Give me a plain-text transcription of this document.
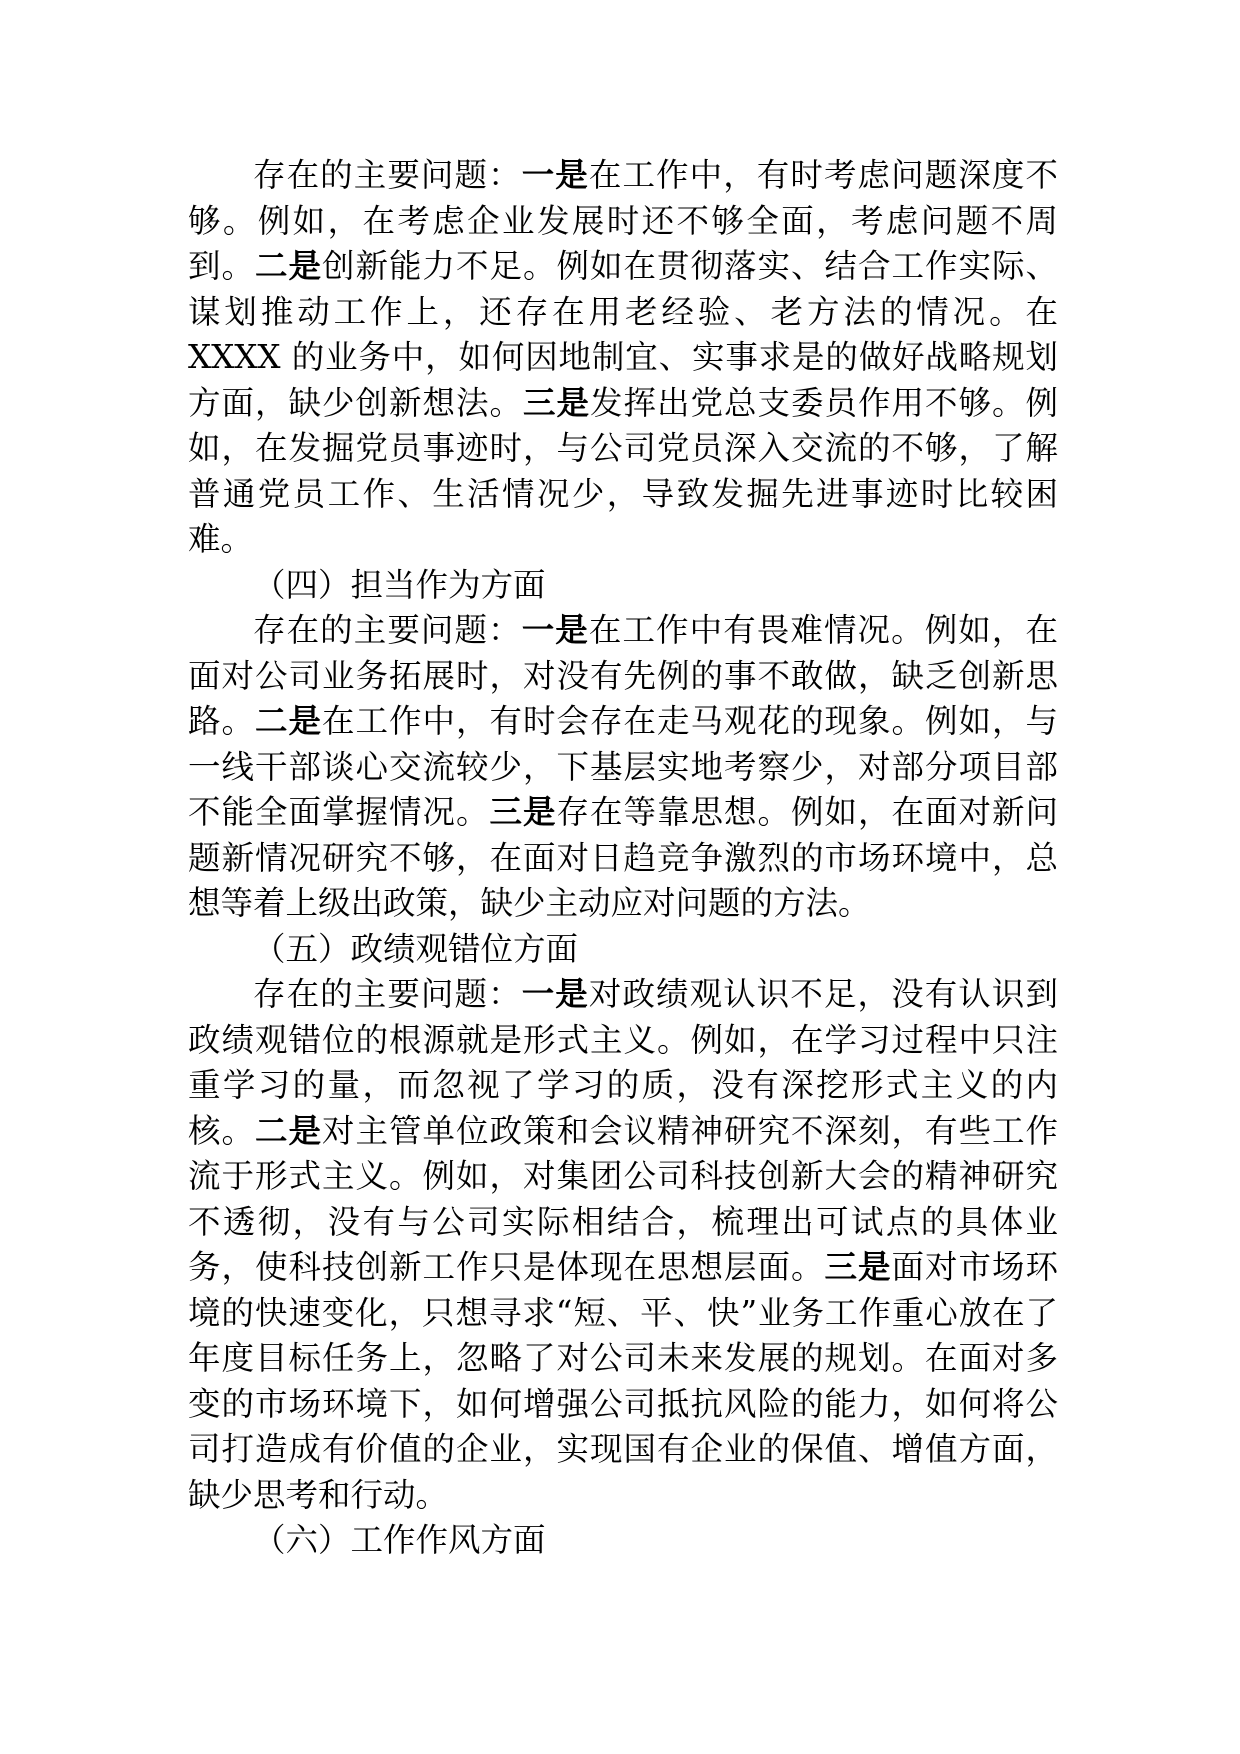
存在的主要问题：一是在工作中，有时考虑问题深度不够。例如，在考虑企业发展时还不够全面，考虑问题不周到。二是创新能力不足。例如在贯彻落实、结合工作实际、谋划推动工作上，还存在用老经验、老方法的情况。在 XXXX 的业务中，如何因地制宜、实事求是的做好战略规划方面，缺少创新想法。三是发挥出党总支委员作用不够。例如，在发掘党员事迹时，与公司党员深入交流的不够，了解普通党员工作、生活情况少，导致发掘先进事迹时比较困难。

（四）担当作为方面

存在的主要问题：一是在工作中有畏难情况。例如，在面对公司业务拓展时，对没有先例的事不敢做，缺乏创新思路。二是在工作中，有时会存在走马观花的现象。例如，与一线干部谈心交流较少，下基层实地考察少，对部分项目部不能全面掌握情况。三是存在等靠思想。例如，在面对新问题新情况研究不够，在面对日趋竞争激烈的市场环境中，总想等着上级出政策，缺少主动应对问题的方法。

（五）政绩观错位方面

存在的主要问题：一是对政绩观认识不足，没有认识到政绩观错位的根源就是形式主义。例如，在学习过程中只注重学习的量，而忽视了学习的质，没有深挖形式主义的内核。二是对主管单位政策和会议精神研究不深刻，有些工作流于形式主义。例如，对集团公司科技创新大会的精神研究不透彻，没有与公司实际相结合，梳理出可试点的具体业务，使科技创新工作只是体现在思想层面。三是面对市场环境的快速变化，只想寻求“短、平、快”业务工作重心放在了年度目标任务上，忽略了对公司未来发展的规划。在面对多变的市场环境下，如何增强公司抵抗风险的能力，如何将公司打造成有价值的企业，实现国有企业的保值、增值方面，缺少思考和行动。

（六）工作作风方面
